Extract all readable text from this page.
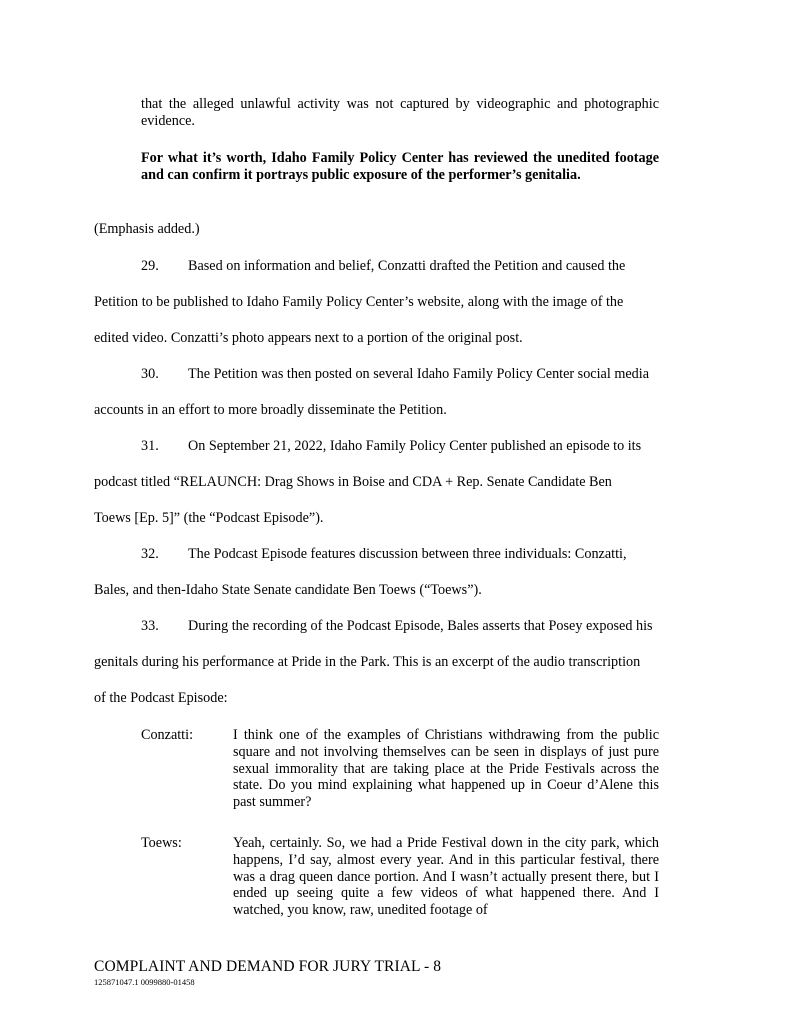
that the alleged unlawful activity was not captured by videographic and photographic evidence.
For what it’s worth, Idaho Family Policy Center has reviewed the unedited footage and can confirm it portrays public exposure of the performer’s genitalia.
(Emphasis added.)
29. Based on information and belief, Conzatti drafted the Petition and caused the
Petition to be published to Idaho Family Policy Center’s website, along with the image of the
edited video. Conzatti’s photo appears next to a portion of the original post.
30. The Petition was then posted on several Idaho Family Policy Center social media
accounts in an effort to more broadly disseminate the Petition.
31. On September 21, 2022, Idaho Family Policy Center published an episode to its
podcast titled “RELAUNCH: Drag Shows in Boise and CDA + Rep. Senate Candidate Ben
Toews [Ep. 5]” (the “Podcast Episode”).
32. The Podcast Episode features discussion between three individuals: Conzatti,
Bales, and then-Idaho State Senate candidate Ben Toews (“Toews”).
33. During the recording of the Podcast Episode, Bales asserts that Posey exposed his
genitals during his performance at Pride in the Park. This is an excerpt of the audio transcription
of the Podcast Episode:
Conzatti:	I think one of the examples of Christians withdrawing from the public square and not involving themselves can be seen in displays of just pure sexual immorality that are taking place at the Pride Festivals across the state. Do you mind explaining what happened up in Coeur d’Alene this past summer?
Toews:	Yeah, certainly. So, we had a Pride Festival down in the city park, which happens, I’d say, almost every year. And in this particular festival, there was a drag queen dance portion. And I wasn’t actually present there, but I ended up seeing quite a few videos of what happened there. And I watched, you know, raw, unedited footage of
COMPLAINT AND DEMAND FOR JURY TRIAL - 8
125871047.1 0099880-01458
